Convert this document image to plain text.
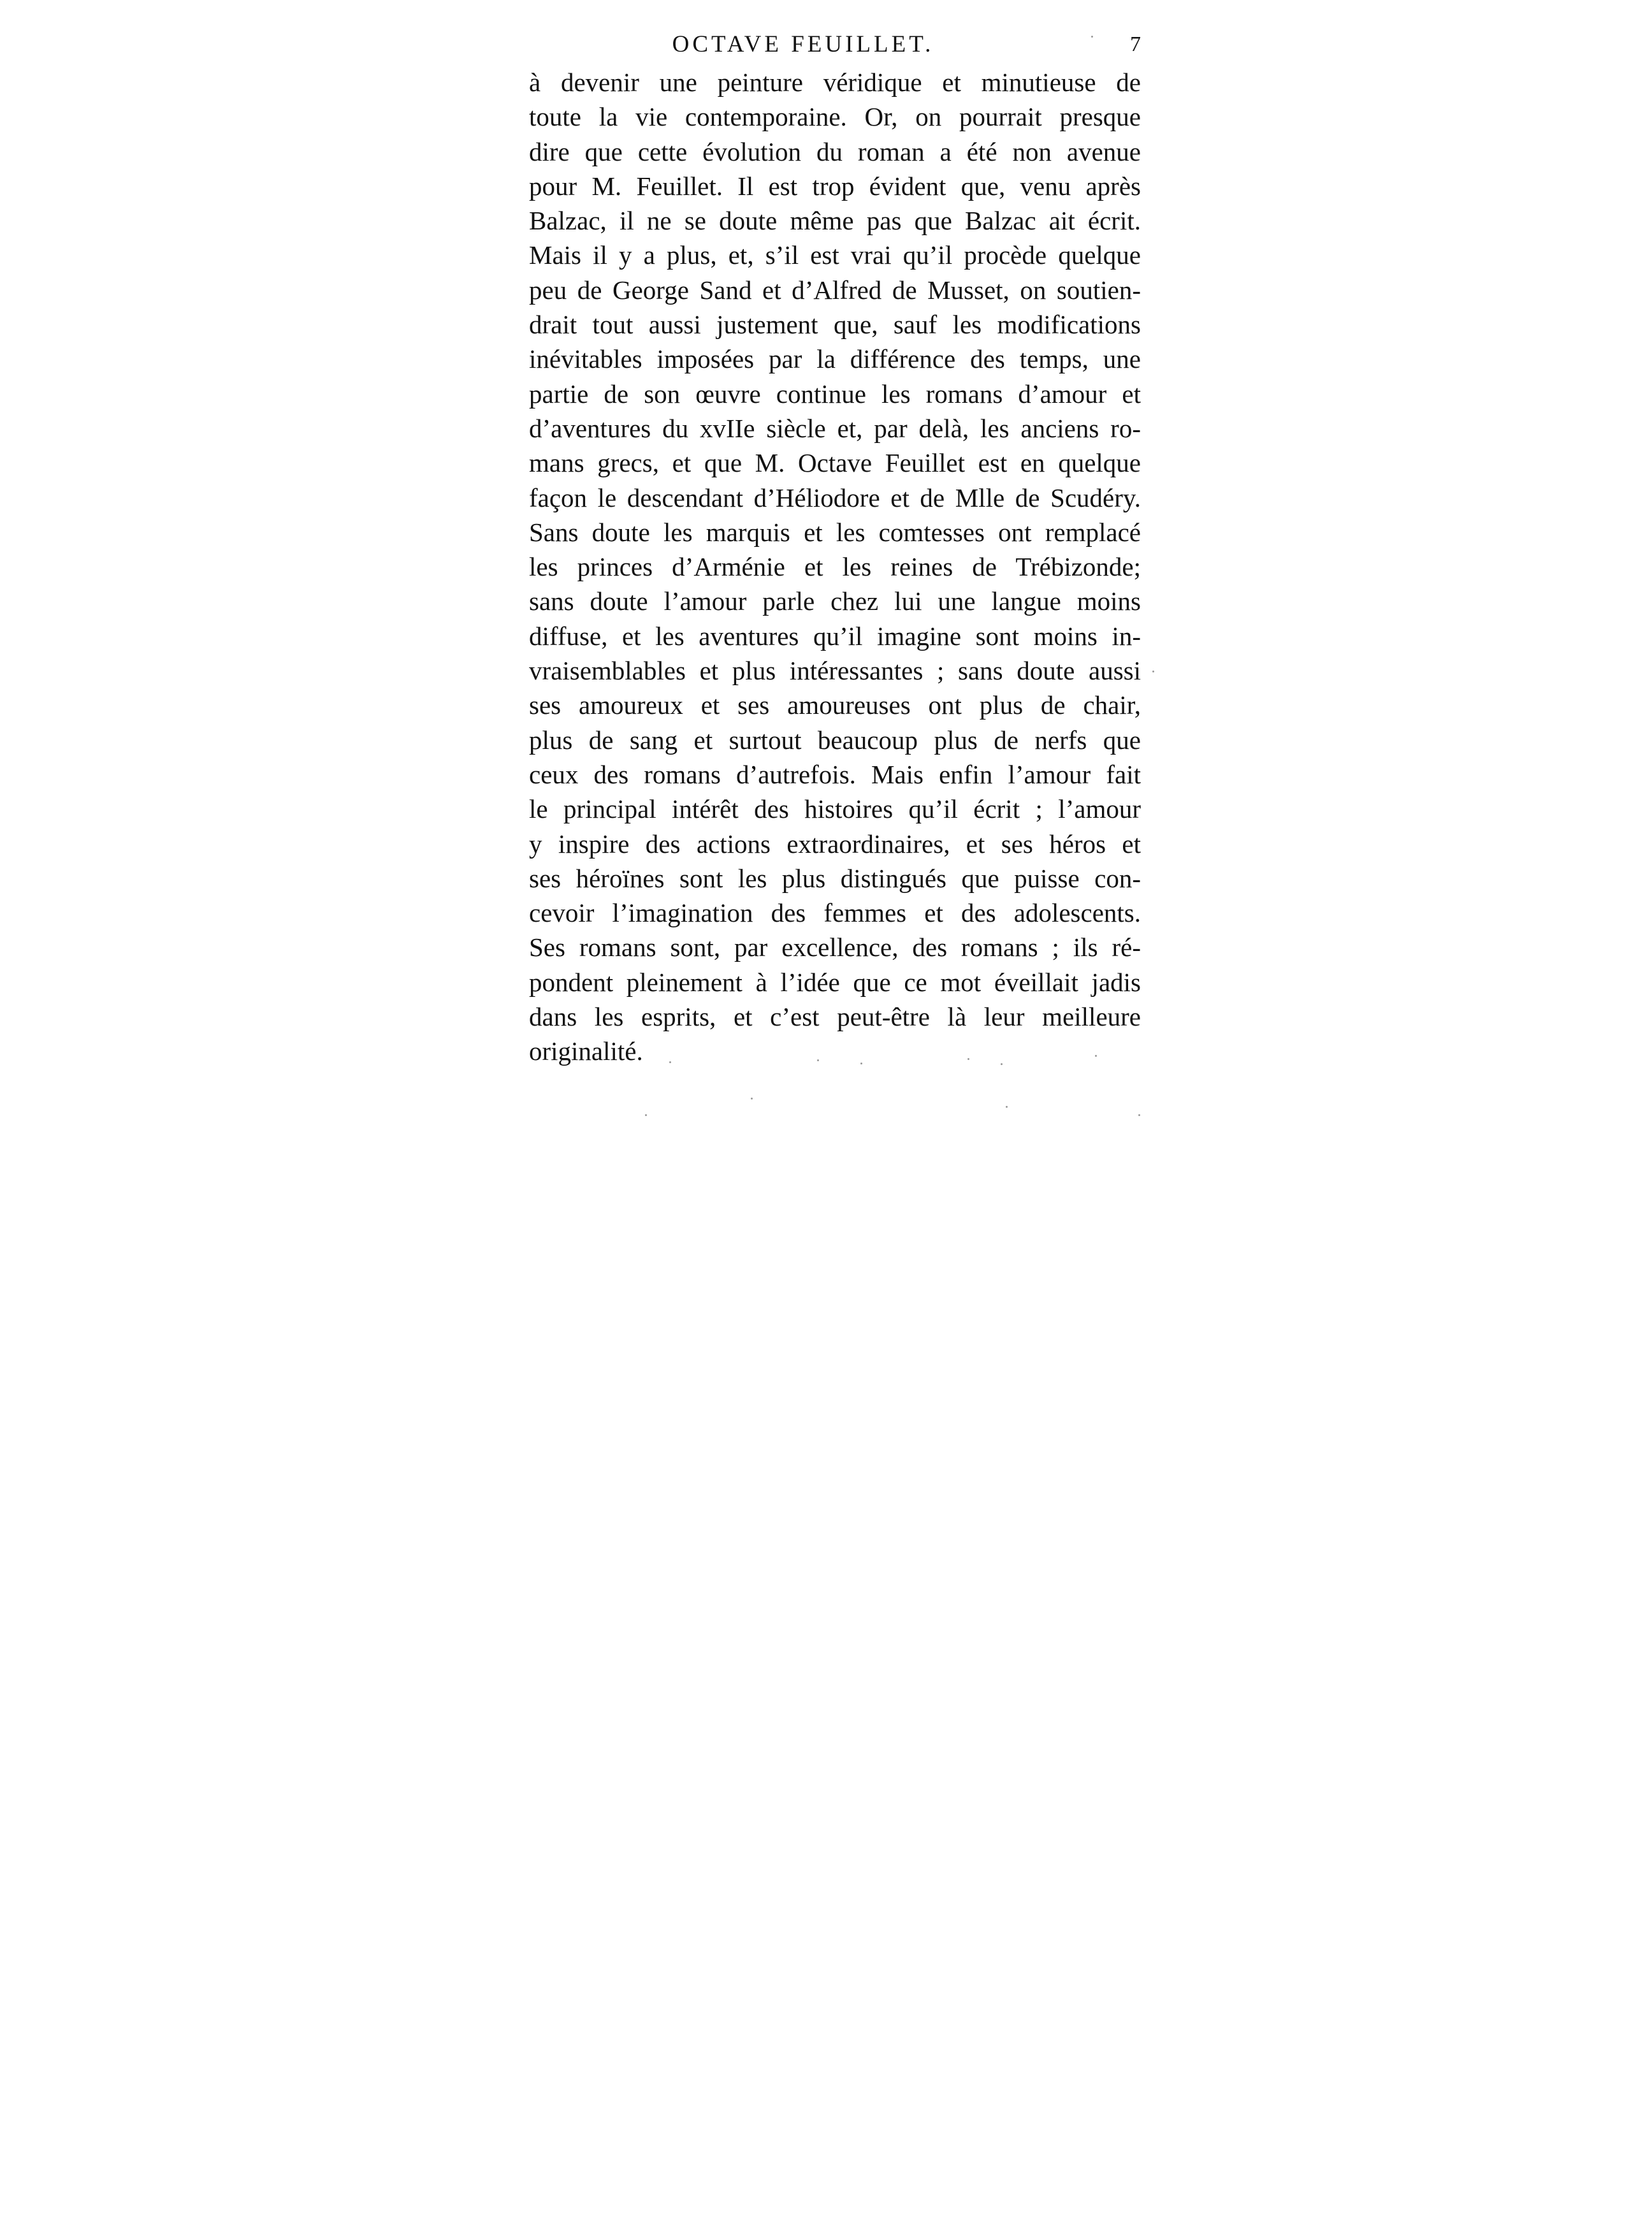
OCTAVE FEUILLET.	7
à devenir une peinture véridique et minutieuse de
toute la vie contemporaine. Or, on pourrait presque
dire que cette évolution du roman a été non avenue
pour M. Feuillet. Il est trop évident que, venu après
Balzac, il ne se doute même pas que Balzac ait écrit.
Mais il y a plus, et, s’il est vrai qu’il procède quelque
peu de George Sand et d’Alfred de Musset, on soutien-
drait tout aussi justement que, sauf les modifications
inévitables imposées par la différence des temps, une
partie de son œuvre continue les romans d’amour et
d’aventures du xvIIe siècle et, par delà, les anciens ro-
mans grecs, et que M. Octave Feuillet est en quelque
façon le descendant d’Héliodore et de Mlle de Scudéry.
Sans doute les marquis et les comtesses ont remplacé
les princes d’Arménie et les reines de Trébizonde;
sans doute l’amour parle chez lui une langue moins
diffuse, et les aventures qu’il imagine sont moins in-
vraisemblables et plus intéressantes ; sans doute aussi
ses amoureux et ses amoureuses ont plus de chair,
plus de sang et surtout beaucoup plus de nerfs que
ceux des romans d’autrefois. Mais enfin l’amour fait
le principal intérêt des histoires qu’il écrit ; l’amour
y inspire des actions extraordinaires, et ses héros et
ses héroïnes sont les plus distingués que puisse con-
cevoir l’imagination des femmes et des adolescents.
Ses romans sont, par excellence, des romans ; ils ré-
pondent pleinement à l’idée que ce mot éveillait jadis
dans les esprits, et c’est peut-être là leur meilleure
originalité.
